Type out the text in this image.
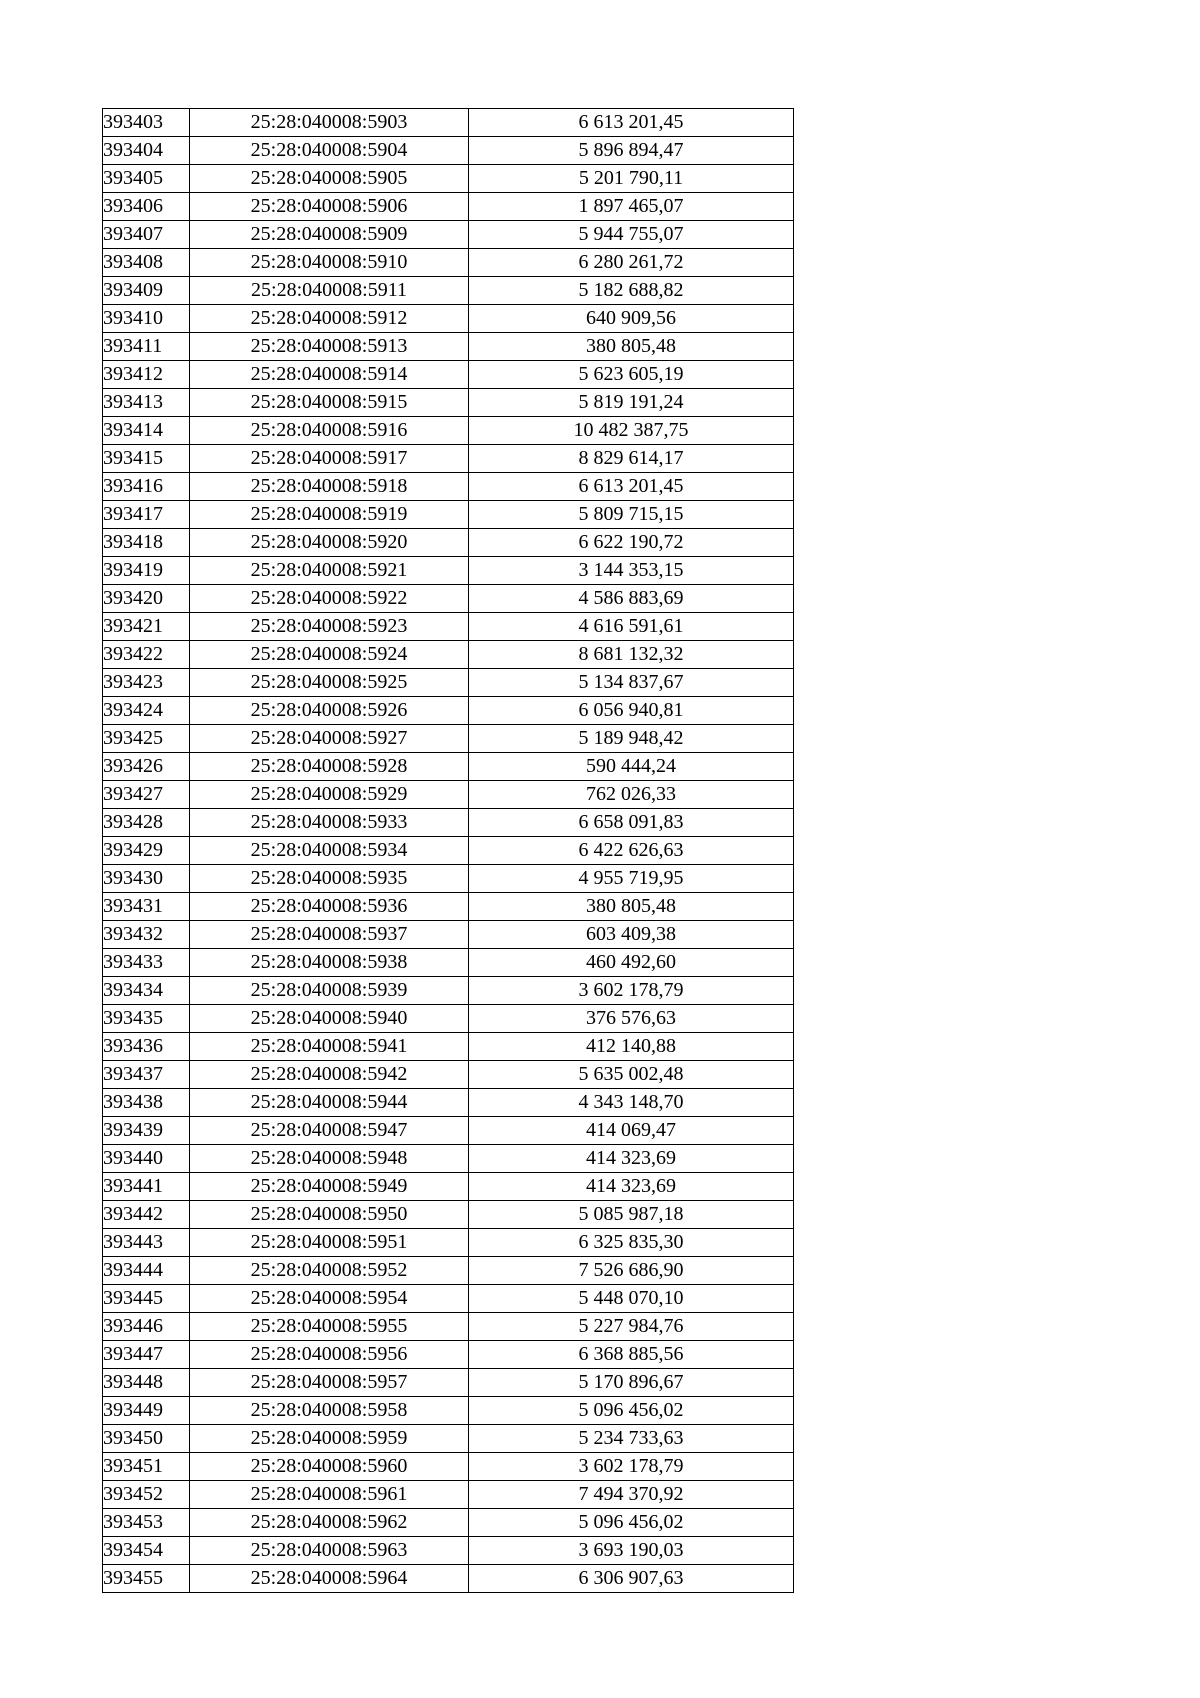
393403	25:28:040008:5903	6 613 201,45
393404	25:28:040008:5904	5 896 894,47
393405	25:28:040008:5905	5 201 790,11
393406	25:28:040008:5906	1 897 465,07
393407	25:28:040008:5909	5 944 755,07
393408	25:28:040008:5910	6 280 261,72
393409	25:28:040008:5911	5 182 688,82
393410	25:28:040008:5912	640 909,56
393411	25:28:040008:5913	380 805,48
393412	25:28:040008:5914	5 623 605,19
393413	25:28:040008:5915	5 819 191,24
393414	25:28:040008:5916	10 482 387,75
393415	25:28:040008:5917	8 829 614,17
393416	25:28:040008:5918	6 613 201,45
393417	25:28:040008:5919	5 809 715,15
393418	25:28:040008:5920	6 622 190,72
393419	25:28:040008:5921	3 144 353,15
393420	25:28:040008:5922	4 586 883,69
393421	25:28:040008:5923	4 616 591,61
393422	25:28:040008:5924	8 681 132,32
393423	25:28:040008:5925	5 134 837,67
393424	25:28:040008:5926	6 056 940,81
393425	25:28:040008:5927	5 189 948,42
393426	25:28:040008:5928	590 444,24
393427	25:28:040008:5929	762 026,33
393428	25:28:040008:5933	6 658 091,83
393429	25:28:040008:5934	6 422 626,63
393430	25:28:040008:5935	4 955 719,95
393431	25:28:040008:5936	380 805,48
393432	25:28:040008:5937	603 409,38
393433	25:28:040008:5938	460 492,60
393434	25:28:040008:5939	3 602 178,79
393435	25:28:040008:5940	376 576,63
393436	25:28:040008:5941	412 140,88
393437	25:28:040008:5942	5 635 002,48
393438	25:28:040008:5944	4 343 148,70
393439	25:28:040008:5947	414 069,47
393440	25:28:040008:5948	414 323,69
393441	25:28:040008:5949	414 323,69
393442	25:28:040008:5950	5 085 987,18
393443	25:28:040008:5951	6 325 835,30
393444	25:28:040008:5952	7 526 686,90
393445	25:28:040008:5954	5 448 070,10
393446	25:28:040008:5955	5 227 984,76
393447	25:28:040008:5956	6 368 885,56
393448	25:28:040008:5957	5 170 896,67
393449	25:28:040008:5958	5 096 456,02
393450	25:28:040008:5959	5 234 733,63
393451	25:28:040008:5960	3 602 178,79
393452	25:28:040008:5961	7 494 370,92
393453	25:28:040008:5962	5 096 456,02
393454	25:28:040008:5963	3 693 190,03
393455	25:28:040008:5964	6 306 907,63
